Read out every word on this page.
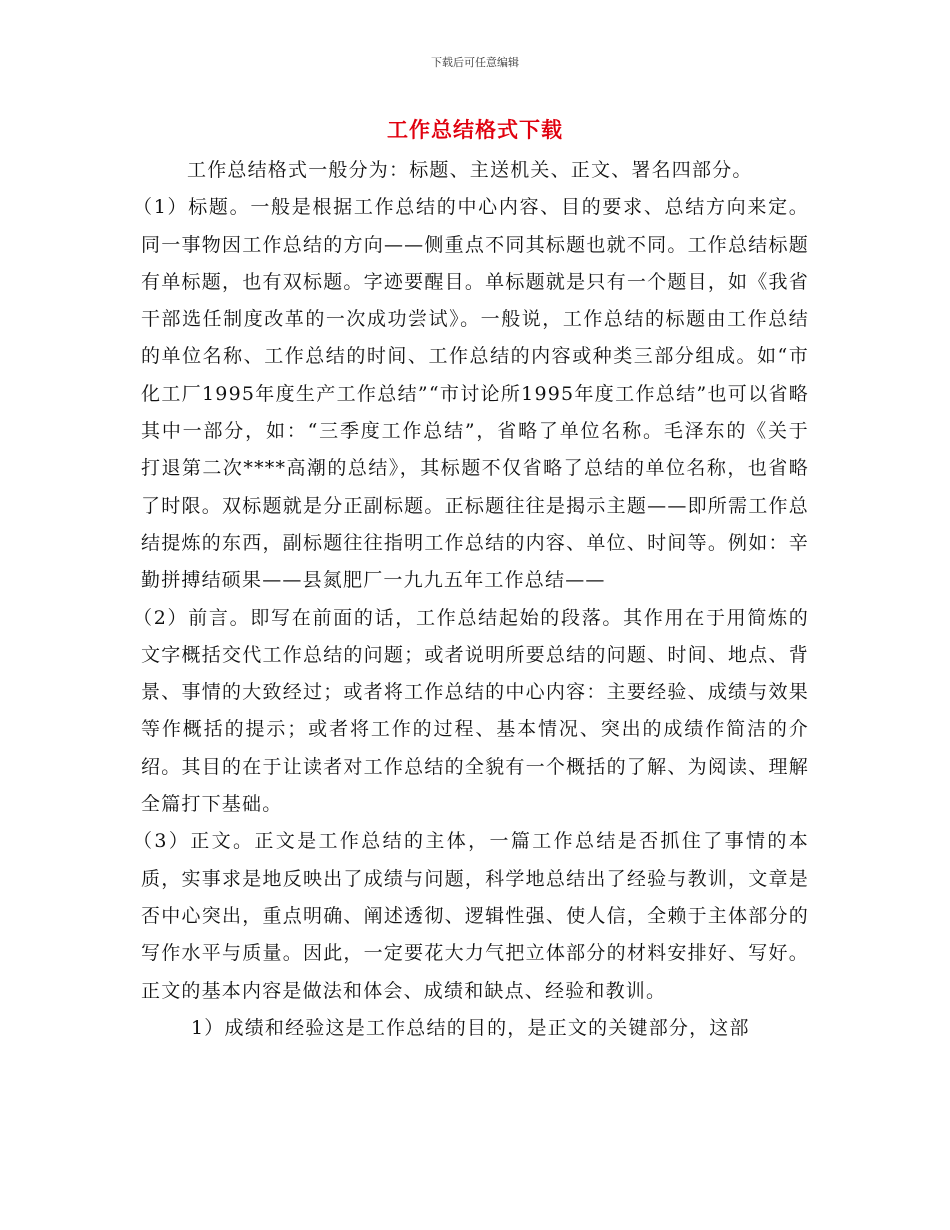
下载后可任意编辑
工作总结格式下载

工作总结格式一般分为：标题、主送机关、正文、署名四部分。

（1）标题。一般是根据工作总结的中心内容、目的要求、总结方向来定。同一事物因工作总结的方向——侧重点不同其标题也就不同。工作总结标题有单标题，也有双标题。字迹要醒目。单标题就是只有一个题目，如《我省干部选任制度改革的一次成功尝试》。一般说，工作总结的标题由工作总结的单位名称、工作总结的时间、工作总结的内容或种类三部分组成。如“市化工厂1995年度生产工作总结”“市讨论所1995年度工作总结”也可以省略其中一部分，如：“三季度工作总结”，省略了单位名称。毛泽东的《关于打退第二次****高潮的总结》，其标题不仅省略了总结的单位名称，也省略了时限。双标题就是分正副标题。正标题往往是揭示主题——即所需工作总结提炼的东西，副标题往往指明工作总结的内容、单位、时间等。例如：辛勤拼搏结硕果——县氮肥厂一九九五年工作总结——

（2）前言。即写在前面的话，工作总结起始的段落。其作用在于用简炼的文字概括交代工作总结的问题；或者说明所要总结的问题、时间、地点、背景、事情的大致经过；或者将工作总结的中心内容：主要经验、成绩与效果等作概括的提示；或者将工作的过程、基本情况、突出的成绩作简洁的介绍。其目的在于让读者对工作总结的全貌有一个概括的了解、为阅读、理解全篇打下基础。

（3）正文。正文是工作总结的主体，一篇工作总结是否抓住了事情的本质，实事求是地反映出了成绩与问题，科学地总结出了经验与教训，文章是否中心突出，重点明确、阐述透彻、逻辑性强、使人信，全赖于主体部分的写作水平与质量。因此，一定要花大力气把立体部分的材料安排好、写好。正文的基本内容是做法和体会、成绩和缺点、经验和教训。

1）成绩和经验这是工作总结的目的，是正文的关键部分，这部
